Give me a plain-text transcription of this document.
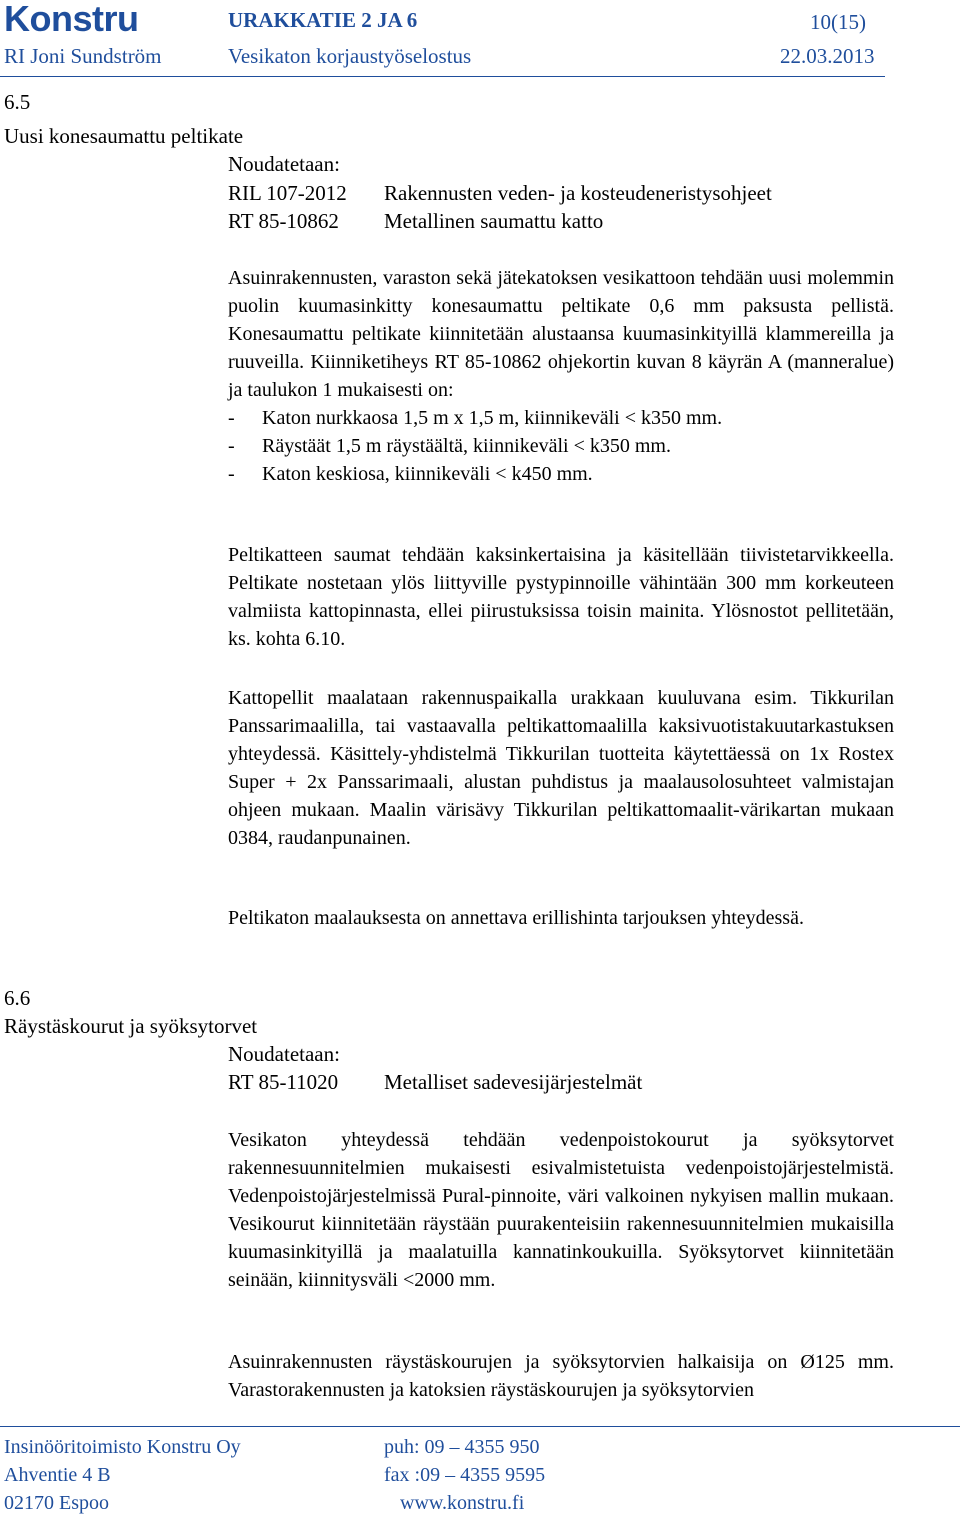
Konstru	URAKKATIE 2 JA 6	10(15)
RI Joni Sundström	Vesikaton korjaustyöselostus	22.03.2013
6.5
Uusi konesaumattu peltikate
Noudatetaan:
RIL 107-2012 Rakennusten veden- ja kosteudeneristysohjeet
RT 85-10862 Metallinen saumattu katto

Asuinrakennusten, varaston sekä jätekatoksen vesikattoon tehdään uusi molemmin puolin kuumasinkitty konesaumattu peltikate 0,6 mm paksusta pellistä. Konesaumattu peltikate kiinnitetään alustaansa kuumasinkityillä klammereilla ja ruuveilla. Kiinniketiheys RT 85-10862 ohjekortin kuvan 8 käyrän A (manneralue) ja taulukon 1 mukaisesti on:

- Katon nurkkaosa 1,5 m x 1,5 m, kiinnikeväli < k350 mm.
- Räystäät 1,5 m räystäältä, kiinnikeväli < k350 mm.
- Katon keskiosa, kiinnikeväli < k450 mm.
Peltikatteen saumat tehdään kaksinkertaisina ja käsitellään tiivistetarvikkeella. Peltikate nostetaan ylös liittyville pystypinnoille vähintään 300 mm korkeuteen valmiista kattopinnasta, ellei piirustuksissa toisin mainita. Ylösnostot pellitetään, ks. kohta 6.10.
Kattopellit maalataan rakennuspaikalla urakkaan kuuluvana esim. Tikkurilan Panssarimaalilla, tai vastaavalla peltikattomaalilla kaksivuotistakuutarkastuksen yhteydessä. Käsittely-yhdistelmä Tikkurilan tuotteita käytettäessä on 1x Rostex Super + 2x Panssarimaali, alustan puhdistus ja maalausolosuhteet valmistajan ohjeen mukaan. Maalin värisävy Tikkurilan peltikattomaalit-värikartan mukaan 0384, raudanpunainen.
Peltikaton maalauksesta on annettava erillishinta tarjouksen yhteydessä.
6.6
Räystäskourut ja syöksytorvet
Noudatetaan:
RT 85-11020 Metalliset sadevesijärjestelmät
Vesikaton yhteydessä tehdään vedenpoistokourut ja syöksytorvet rakennesuunnitelmien mukaisesti esivalmistetuista vedenpoistojärjestelmistä. Vedenpoistojärjestelmissä Pural-pinnoite, väri valkoinen nykyisen mallin mukaan. Vesikourut kiinnitetään räystään puurakenteisiin rakennesuunnitelmien mukaisilla kuumasinkityillä ja maalatuilla kannatinkoukuilla. Syöksytorvet kiinnitetään seinään, kiinnitysväli <2000 mm.
Asuinrakennusten räystäskourujen ja syöksytorvien halkaisija on Ø125 mm. Varastorakennusten ja katoksien räystäskourujen ja syöksytorvien
Insinööritoimisto Konstru Oy
Ahventie 4 B
02170 Espoo
puh: 09 – 4355 950
fax :09 – 4355 9595
www.konstru.fi
